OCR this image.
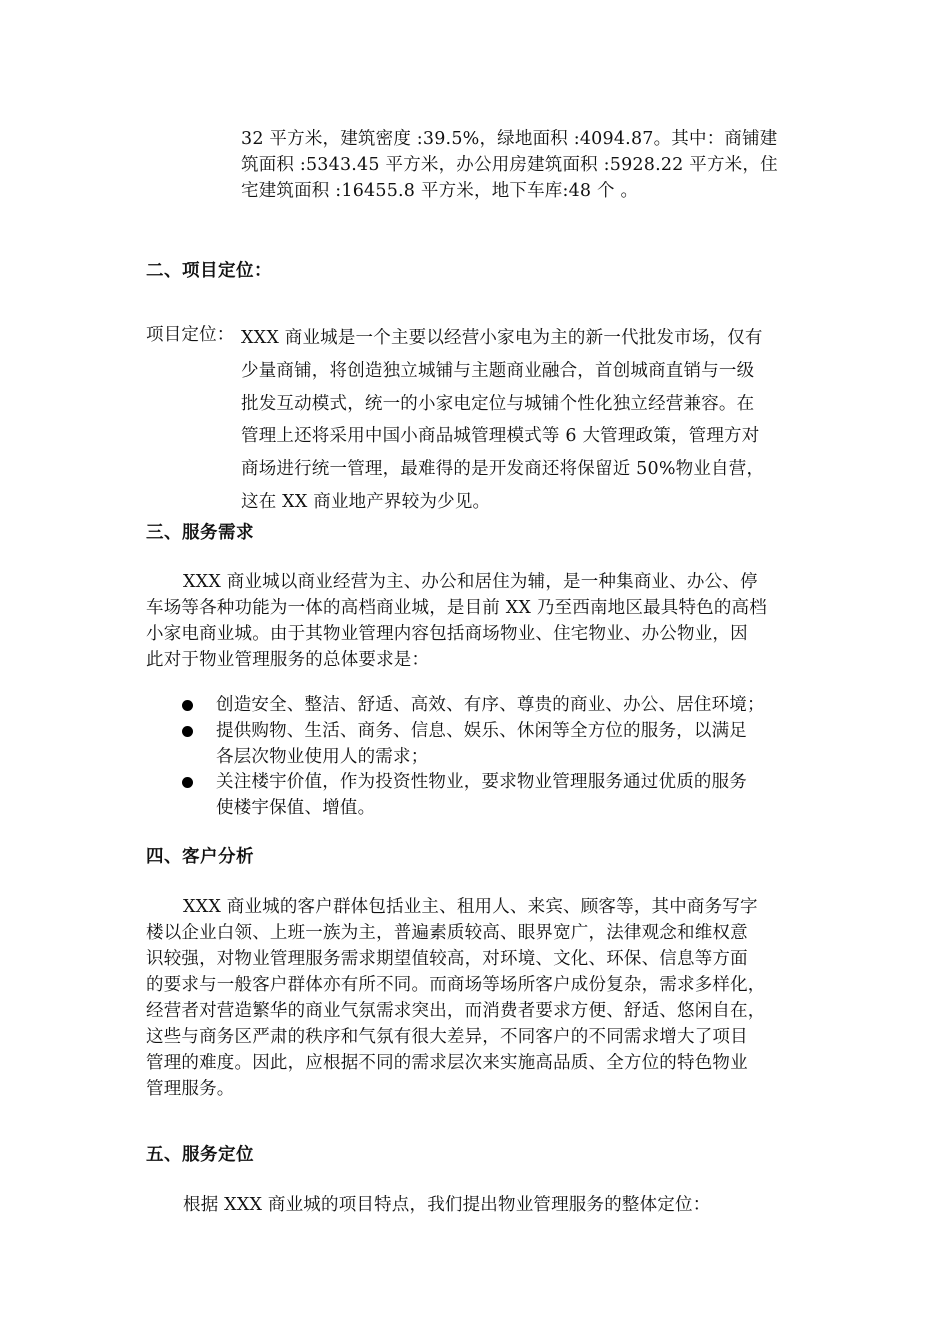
32 平方米，建筑密度 :39.5%，绿地面积 :4094.87。其中：商铺建
筑面积 :5343.45 平方米，办公用房建筑面积 :5928.22 平方米，住
宅建筑面积 :16455.8 平方米，地下车库:48 个 。
二、项目定位：
项目定位： XXX 商业城是一个主要以经营小家电为主的新一代批发市场，仅有
少量商铺，将创造独立城铺与主题商业融合，首创城商直销与一级
批发互动模式，统一的小家电定位与城铺个性化独立经营兼容。在
管理上还将采用中国小商品城管理模式等 6 大管理政策，管理方对
商场进行统一管理，最难得的是开发商还将保留近 50%物业自营，
这在 XX 商业地产界较为少见。
三、服务需求
XXX 商业城以商业经营为主、办公和居住为辅，是一种集商业、办公、停
车场等各种功能为一体的高档商业城，是目前 XX 乃至西南地区最具特色的高档
小家电商业城。由于其物业管理内容包括商场物业、住宅物业、办公物业，因
此对于物业管理服务的总体要求是：
创造安全、整洁、舒适、高效、有序、尊贵的商业、办公、居住环境；
提供购物、生活、商务、信息、娱乐、休闲等全方位的服务，以满足
各层次物业使用人的需求；
关注楼宇价值，作为投资性物业，要求物业管理服务通过优质的服务
使楼宇保值、增值。
四、客户分析
XXX 商业城的客户群体包括业主、租用人、来宾、顾客等，其中商务写字
楼以企业白领、上班一族为主，普遍素质较高、眼界宽广，法律观念和维权意
识较强，对物业管理服务需求期望值较高，对环境、文化、环保、信息等方面
的要求与一般客户群体亦有所不同。而商场等场所客户成份复杂，需求多样化，
经营者对营造繁华的商业气氛需求突出，而消费者要求方便、舒适、悠闲自在，
这些与商务区严肃的秩序和气氛有很大差异，不同客户的不同需求增大了项目
管理的难度。因此，应根据不同的需求层次来实施高品质、全方位的特色物业
管理服务。
五、服务定位
根据 XXX 商业城的项目特点，我们提出物业管理服务的整体定位：
